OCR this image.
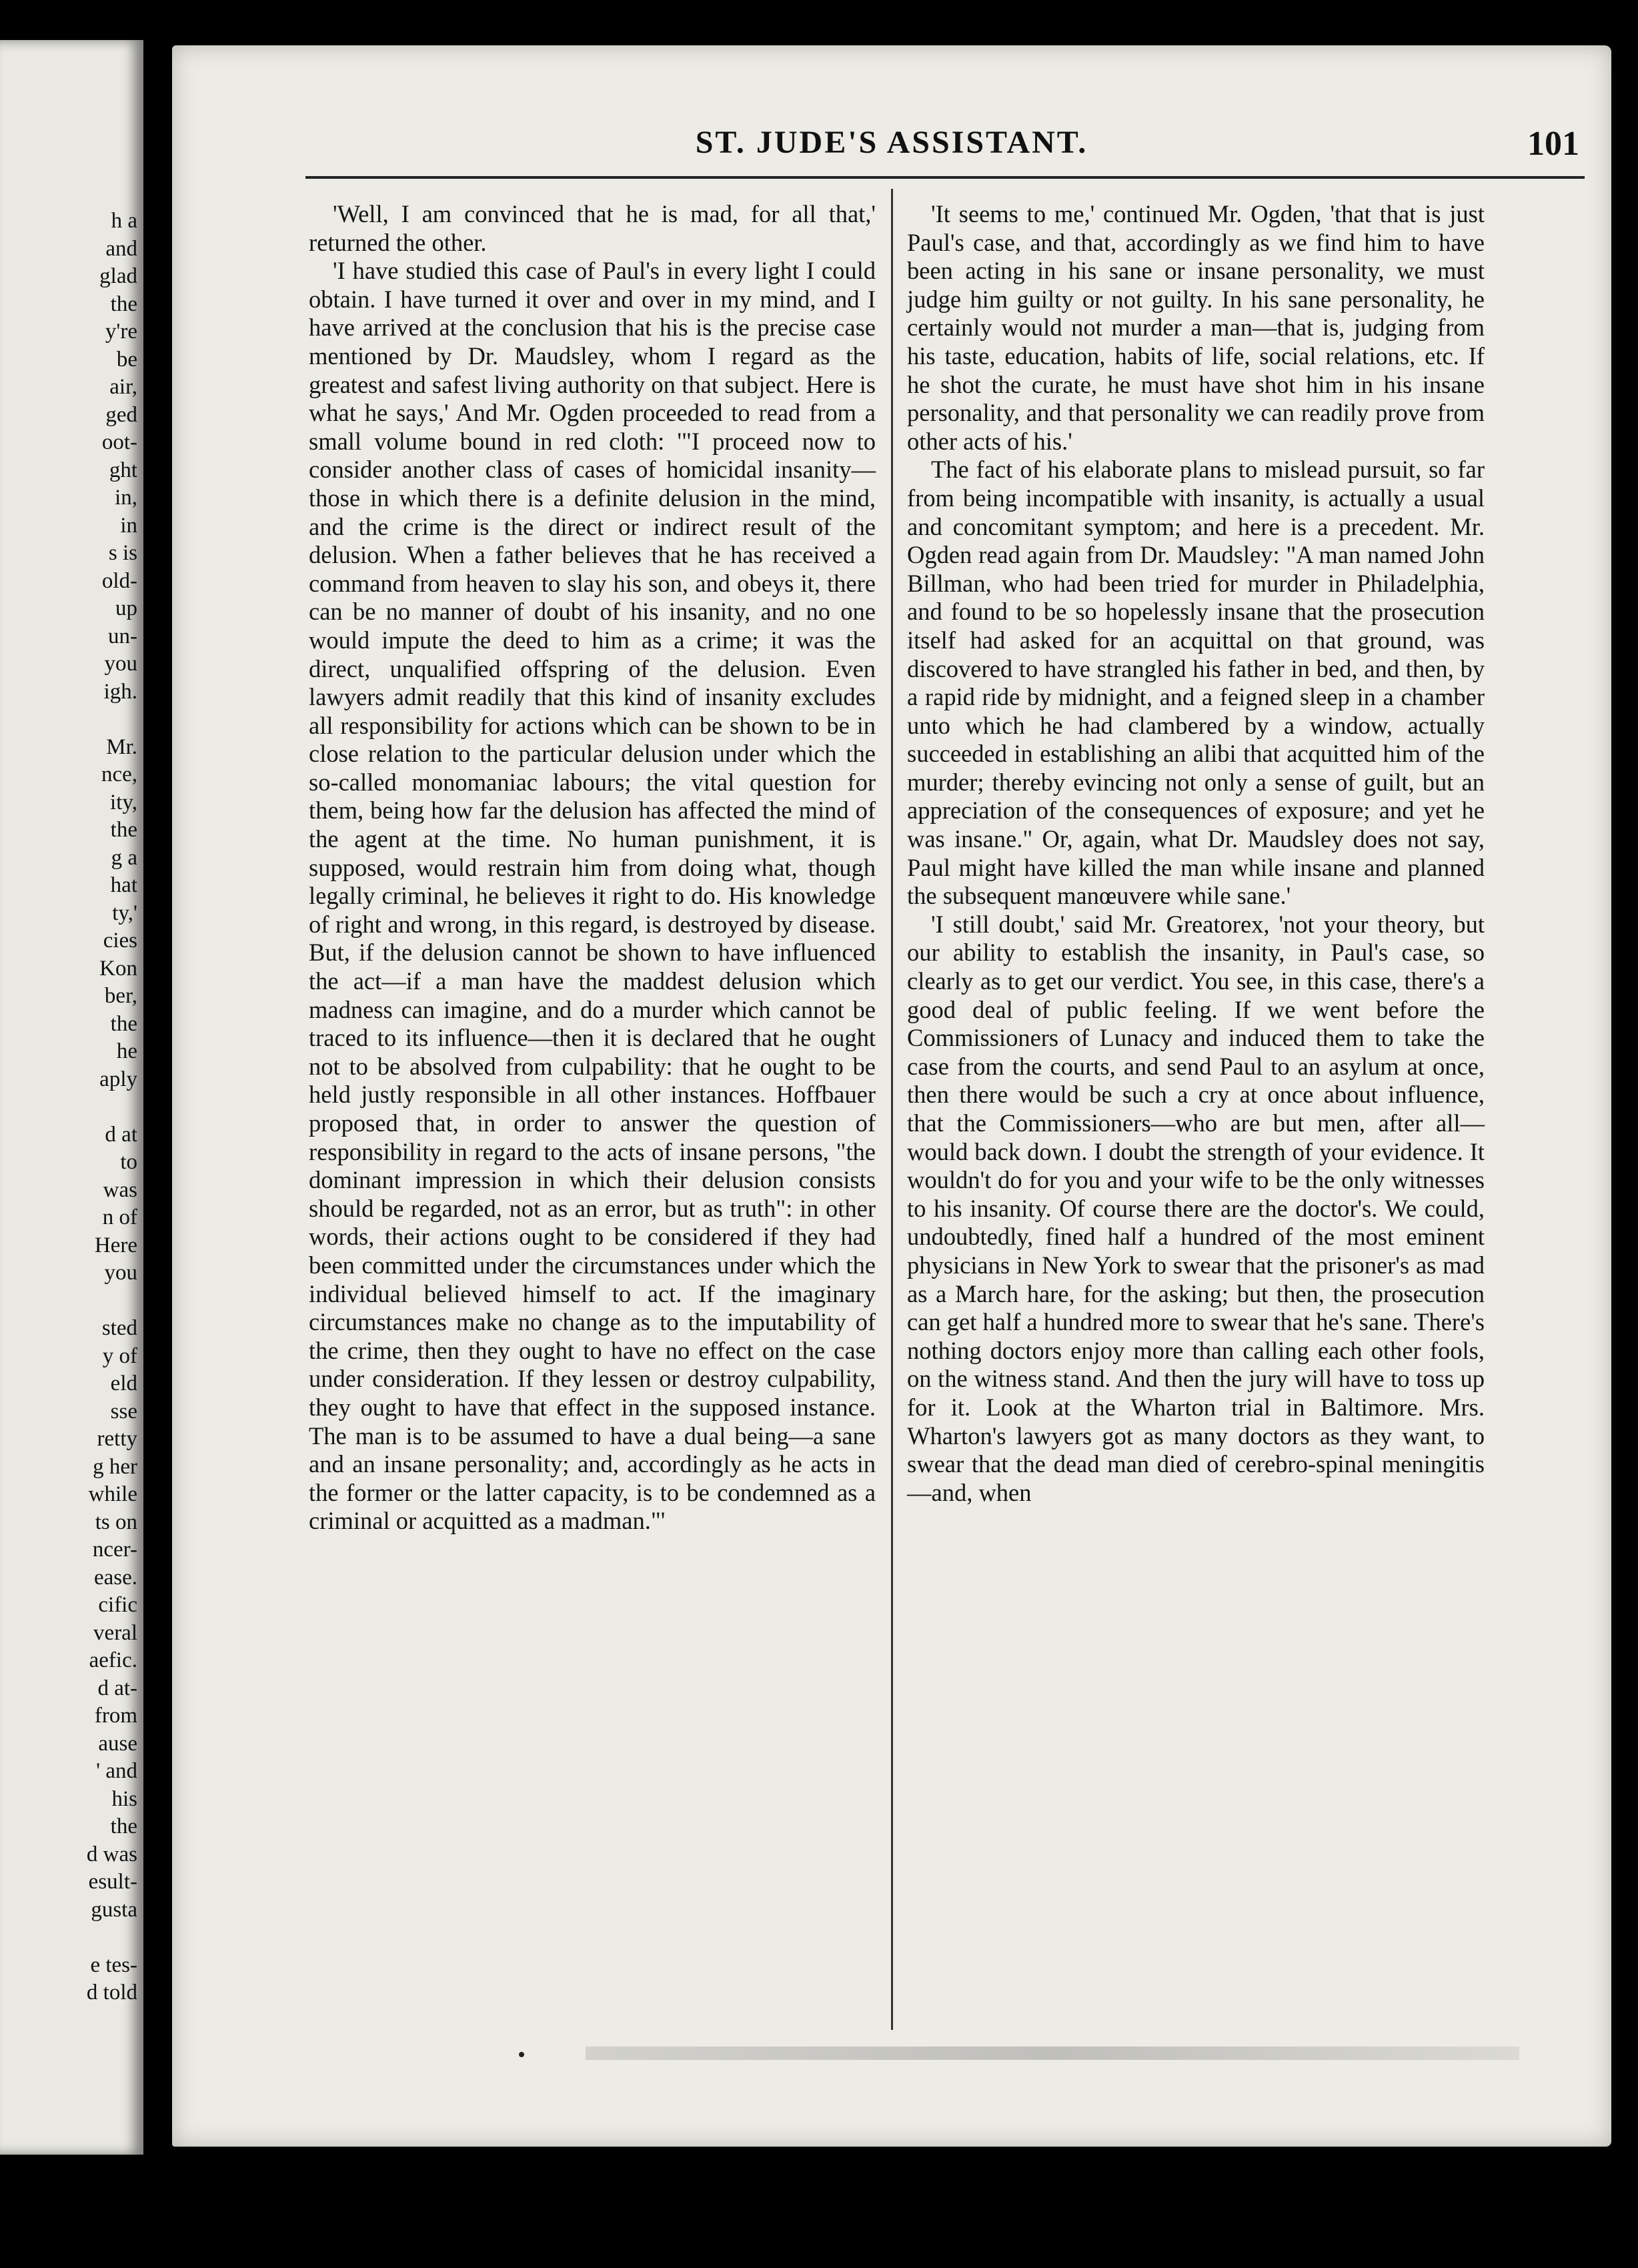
h a
and
glad
the
y're
be
air,
ged
oot-
ght
in,
in
s is
old-
up
un-
you
igh.
Mr.
nce,
ity,
the
g a
hat
ty,'
cies
Kon
ber,
the
he
aply
d at
to
was
n of
Here
you
sted
y of
eld
sse
retty
g her
while
ts on
ncer-
ease.
cific
veral
aefic.
d at-
from
ause
' and
his
the
d was
esult-
gusta
e tes-
d told
ST. JUDE'S ASSISTANT.	101

'Well, I am convinced that he is mad, for all that,' returned the other.

'I have studied this case of Paul's in every light I could obtain. I have turned it over and over in my mind, and I have arrived at the conclusion that his is the precise case mentioned by Dr. Maudsley, whom I regard as the greatest and safest living authority on that subject. Here is what he says,' And Mr. Ogden proceeded to read from a small volume bound in red cloth: '"I proceed now to consider another class of cases of homicidal insanity—those in which there is a definite delusion in the mind, and the crime is the direct or indirect result of the delusion. When a father believes that he has received a command from heaven to slay his son, and obeys it, there can be no manner of doubt of his insanity, and no one would impute the deed to him as a crime; it was the direct, unqualified offspring of the delusion. Even lawyers admit readily that this kind of insanity excludes all responsibility for actions which can be shown to be in close relation to the particular delusion under which the so-called monomaniac labours; the vital question for them, being how far the delusion has affected the mind of the agent at the time. No human punishment, it is supposed, would restrain him from doing what, though legally criminal, he believes it right to do. His knowledge of right and wrong, in this regard, is destroyed by disease. But, if the delusion cannot be shown to have influenced the act—if a man have the maddest delusion which madness can imagine, and do a murder which cannot be traced to its influence—then it is declared that he ought not to be absolved from culpability: that he ought to be held justly responsible in all other instances. Hoffbauer proposed that, in order to answer the question of responsibility in regard to the acts of insane persons, "the dominant impression in which their delusion consists should be regarded, not as an error, but as truth": in other words, their actions ought to be considered if they had been committed under the circumstances under which the individual believed himself to act. If the imaginary circumstances make no change as to the imputability of the crime, then they ought to have no effect on the case under consideration. If they lessen or destroy culpability, they ought to have that effect in the supposed instance. The man is to be assumed to have a dual being—a sane and an insane personality; and, accordingly as he acts in the former or the latter capacity, is to be condemned as a criminal or acquitted as a madman."'

'It seems to me,' continued Mr. Ogden, 'that that is just Paul's case, and that, accordingly as we find him to have been acting in his sane or insane personality, we must judge him guilty or not guilty. In his sane personality, he certainly would not murder a man—that is, judging from his taste, education, habits of life, social relations, etc. If he shot the curate, he must have shot him in his insane personality, and that personality we can readily prove from other acts of his.'

The fact of his elaborate plans to mislead pursuit, so far from being incompatible with insanity, is actually a usual and concomitant symptom; and here is a precedent. Mr. Ogden read again from Dr. Maudsley: "A man named John Billman, who had been tried for murder in Philadelphia, and found to be so hopelessly insane that the prosecution itself had asked for an acquittal on that ground, was discovered to have strangled his father in bed, and then, by a rapid ride by midnight, and a feigned sleep in a chamber unto which he had clambered by a window, actually succeeded in establishing an alibi that acquitted him of the murder; thereby evincing not only a sense of guilt, but an appreciation of the consequences of exposure; and yet he was insane." Or, again, what Dr. Maudsley does not say, Paul might have killed the man while insane and planned the subsequent manœuvere while sane.'

'I still doubt,' said Mr. Greatorex, 'not your theory, but our ability to establish the insanity, in Paul's case, so clearly as to get our verdict. You see, in this case, there's a good deal of public feeling. If we went before the Commissioners of Lunacy and induced them to take the case from the courts, and send Paul to an asylum at once, then there would be such a cry at once about influence, that the Commissioners—who are but men, after all—would back down. I doubt the strength of your evidence. It wouldn't do for you and your wife to be the only witnesses to his insanity. Of course there are the doctor's. We could, undoubtedly, fined half a hundred of the most eminent physicians in New York to swear that the prisoner's as mad as a March hare, for the asking; but then, the prosecution can get half a hundred more to swear that he's sane. There's nothing doctors enjoy more than calling each other fools, on the witness stand. And then the jury will have to toss up for it. Look at the Wharton trial in Baltimore. Mrs. Wharton's lawyers got as many doctors as they want, to swear that the dead man died of cerebro-spinal meningitis—and, when
